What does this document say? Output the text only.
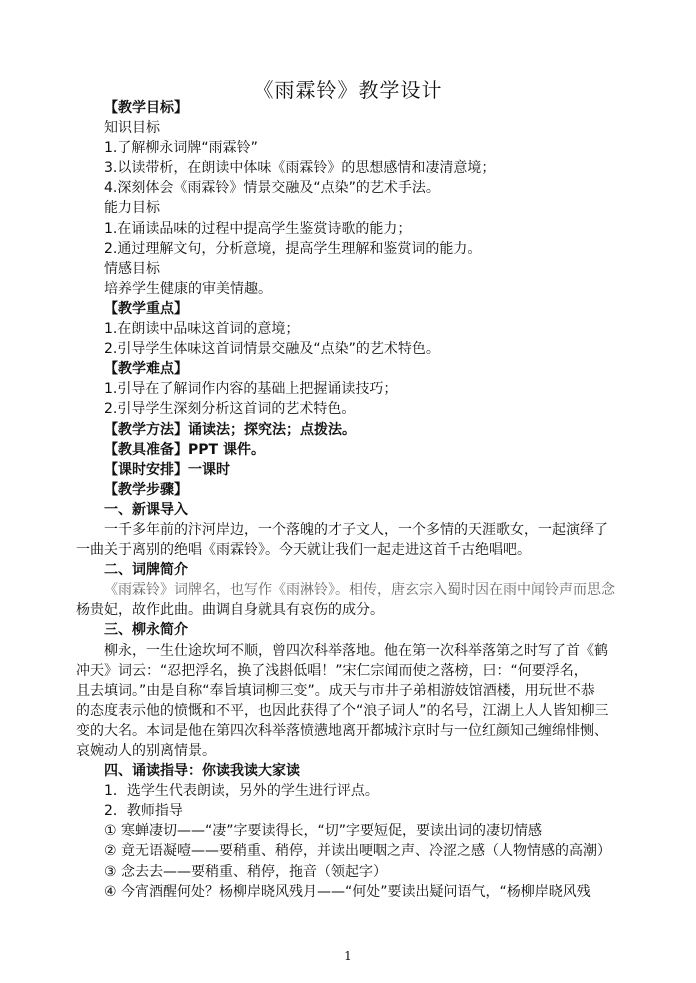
《雨霖铃》教学设计
【教学目标】
知识目标
1.了解柳永词牌“雨霖铃”
3.以读带析，在朗读中体味《雨霖铃》的思想感情和凄清意境；
4.深刻体会《雨霖铃》情景交融及“点染”的艺术手法。
能力目标
1.在诵读品味的过程中提高学生鉴赏诗歌的能力；
2.通过理解文句，分析意境，提高学生理解和鉴赏词的能力。
情感目标
培养学生健康的审美情趣。
【教学重点】
1.在朗读中品味这首词的意境；
2.引导学生体味这首词情景交融及“点染”的艺术特色。
【教学难点】
1.引导在了解词作内容的基础上把握诵读技巧；
2.引导学生深刻分析这首词的艺术特色。
【教学方法】诵读法；探究法；点拨法。
【教具准备】PPT 课件。
【课时安排】一课时
【教学步骤】
一、新课导入
一千多年前的汴河岸边，一个落魄的才子文人，一个多情的天涯歌女，一起演绎了
一曲关于离别的绝唱《雨霖铃》。今天就让我们一起走进这首千古绝唱吧。
二、词牌简介
《雨霖铃》词牌名，也写作《雨淋铃》。相传，唐玄宗入蜀时因在雨中闻铃声而思念
杨贵妃，故作此曲。曲调自身就具有哀伤的成分。
三、柳永简介
柳永，一生仕途坎坷不顺，曾四次科举落地。他在第一次科举落第之时写了首《鹤
冲天》词云：“忍把浮名，换了浅斟低唱！”宋仁宗闻而使之落榜，曰：“何要浮名，
且去填词。”由是自称“奉旨填词柳三变”。成天与市井子弟相游妓馆酒楼，用玩世不恭
的态度表示他的愤慨和不平，也因此获得了个“浪子词人”的名号，江湖上人人皆知柳三
变的大名。本词是他在第四次科举落愤懑地离开都城汴京时与一位红颜知己缠绵悱恻、
哀婉动人的别离情景。
四、诵读指导：你读我读大家读
1．选学生代表朗读，另外的学生进行评点。
2．教师指导
① 寒蝉凄切——“凄”字要读得长，“切”字要短促，要读出词的凄切情感
② 竟无语凝噎——要稍重、稍停，并读出哽咽之声、冷涩之感（人物情感的高潮）
③ 念去去——要稍重、稍停，拖音（领起字）
④ 今宵酒醒何处？杨柳岸晓风残月——“何处”要读出疑问语气，“杨柳岸晓风残
1
